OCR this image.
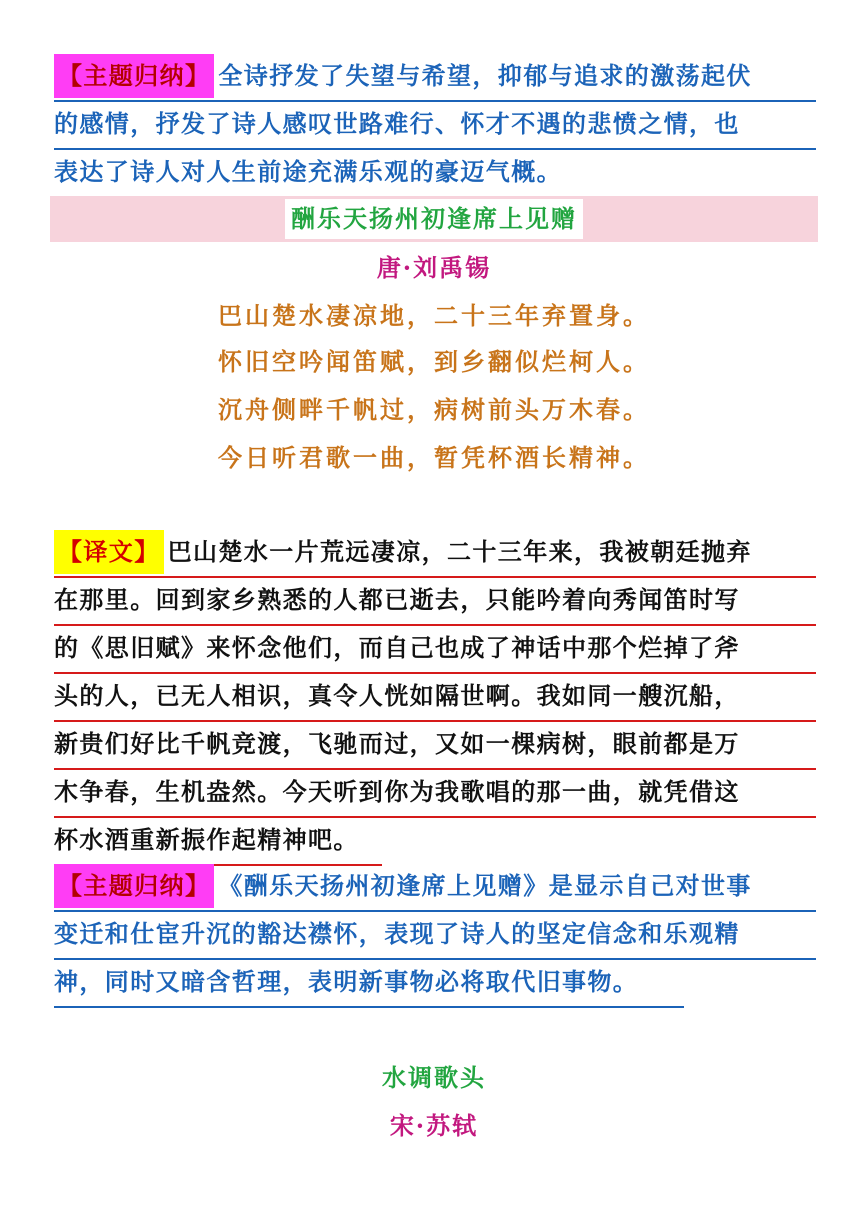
【主题归纳】 全诗抒发了失望与希望，抑郁与追求的激荡起伏
的感情，抒发了诗人感叹世路难行、怀才不遇的悲愤之情，也
表达了诗人对人生前途充满乐观的豪迈气概。
酬乐天扬州初逢席上见赠
唐·刘禹锡
巴山楚水凄凉地，二十三年弃置身。
怀旧空吟闻笛赋，到乡翻似烂柯人。
沉舟侧畔千帆过，病树前头万木春。
今日听君歌一曲，暂凭杯酒长精神。
【译文】 巴山楚水一片荒远凄凉，二十三年来，我被朝廷抛弃
在那里。回到家乡熟悉的人都已逝去，只能吟着向秀闻笛时写
的《思旧赋》来怀念他们，而自己也成了神话中那个烂掉了斧
头的人，已无人相识，真令人恍如隔世啊。我如同一艘沉船，
新贵们好比千帆竞渡，飞驰而过，又如一棵病树，眼前都是万
木争春，生机盎然。今天听到你为我歌唱的那一曲，就凭借这
杯水酒重新振作起精神吧。
【主题归纳】 《酬乐天扬州初逢席上见赠》是显示自己对世事
变迁和仕宦升沉的豁达襟怀，表现了诗人的坚定信念和乐观精
神，同时又暗含哲理，表明新事物必将取代旧事物。
水调歌头
宋·苏轼
